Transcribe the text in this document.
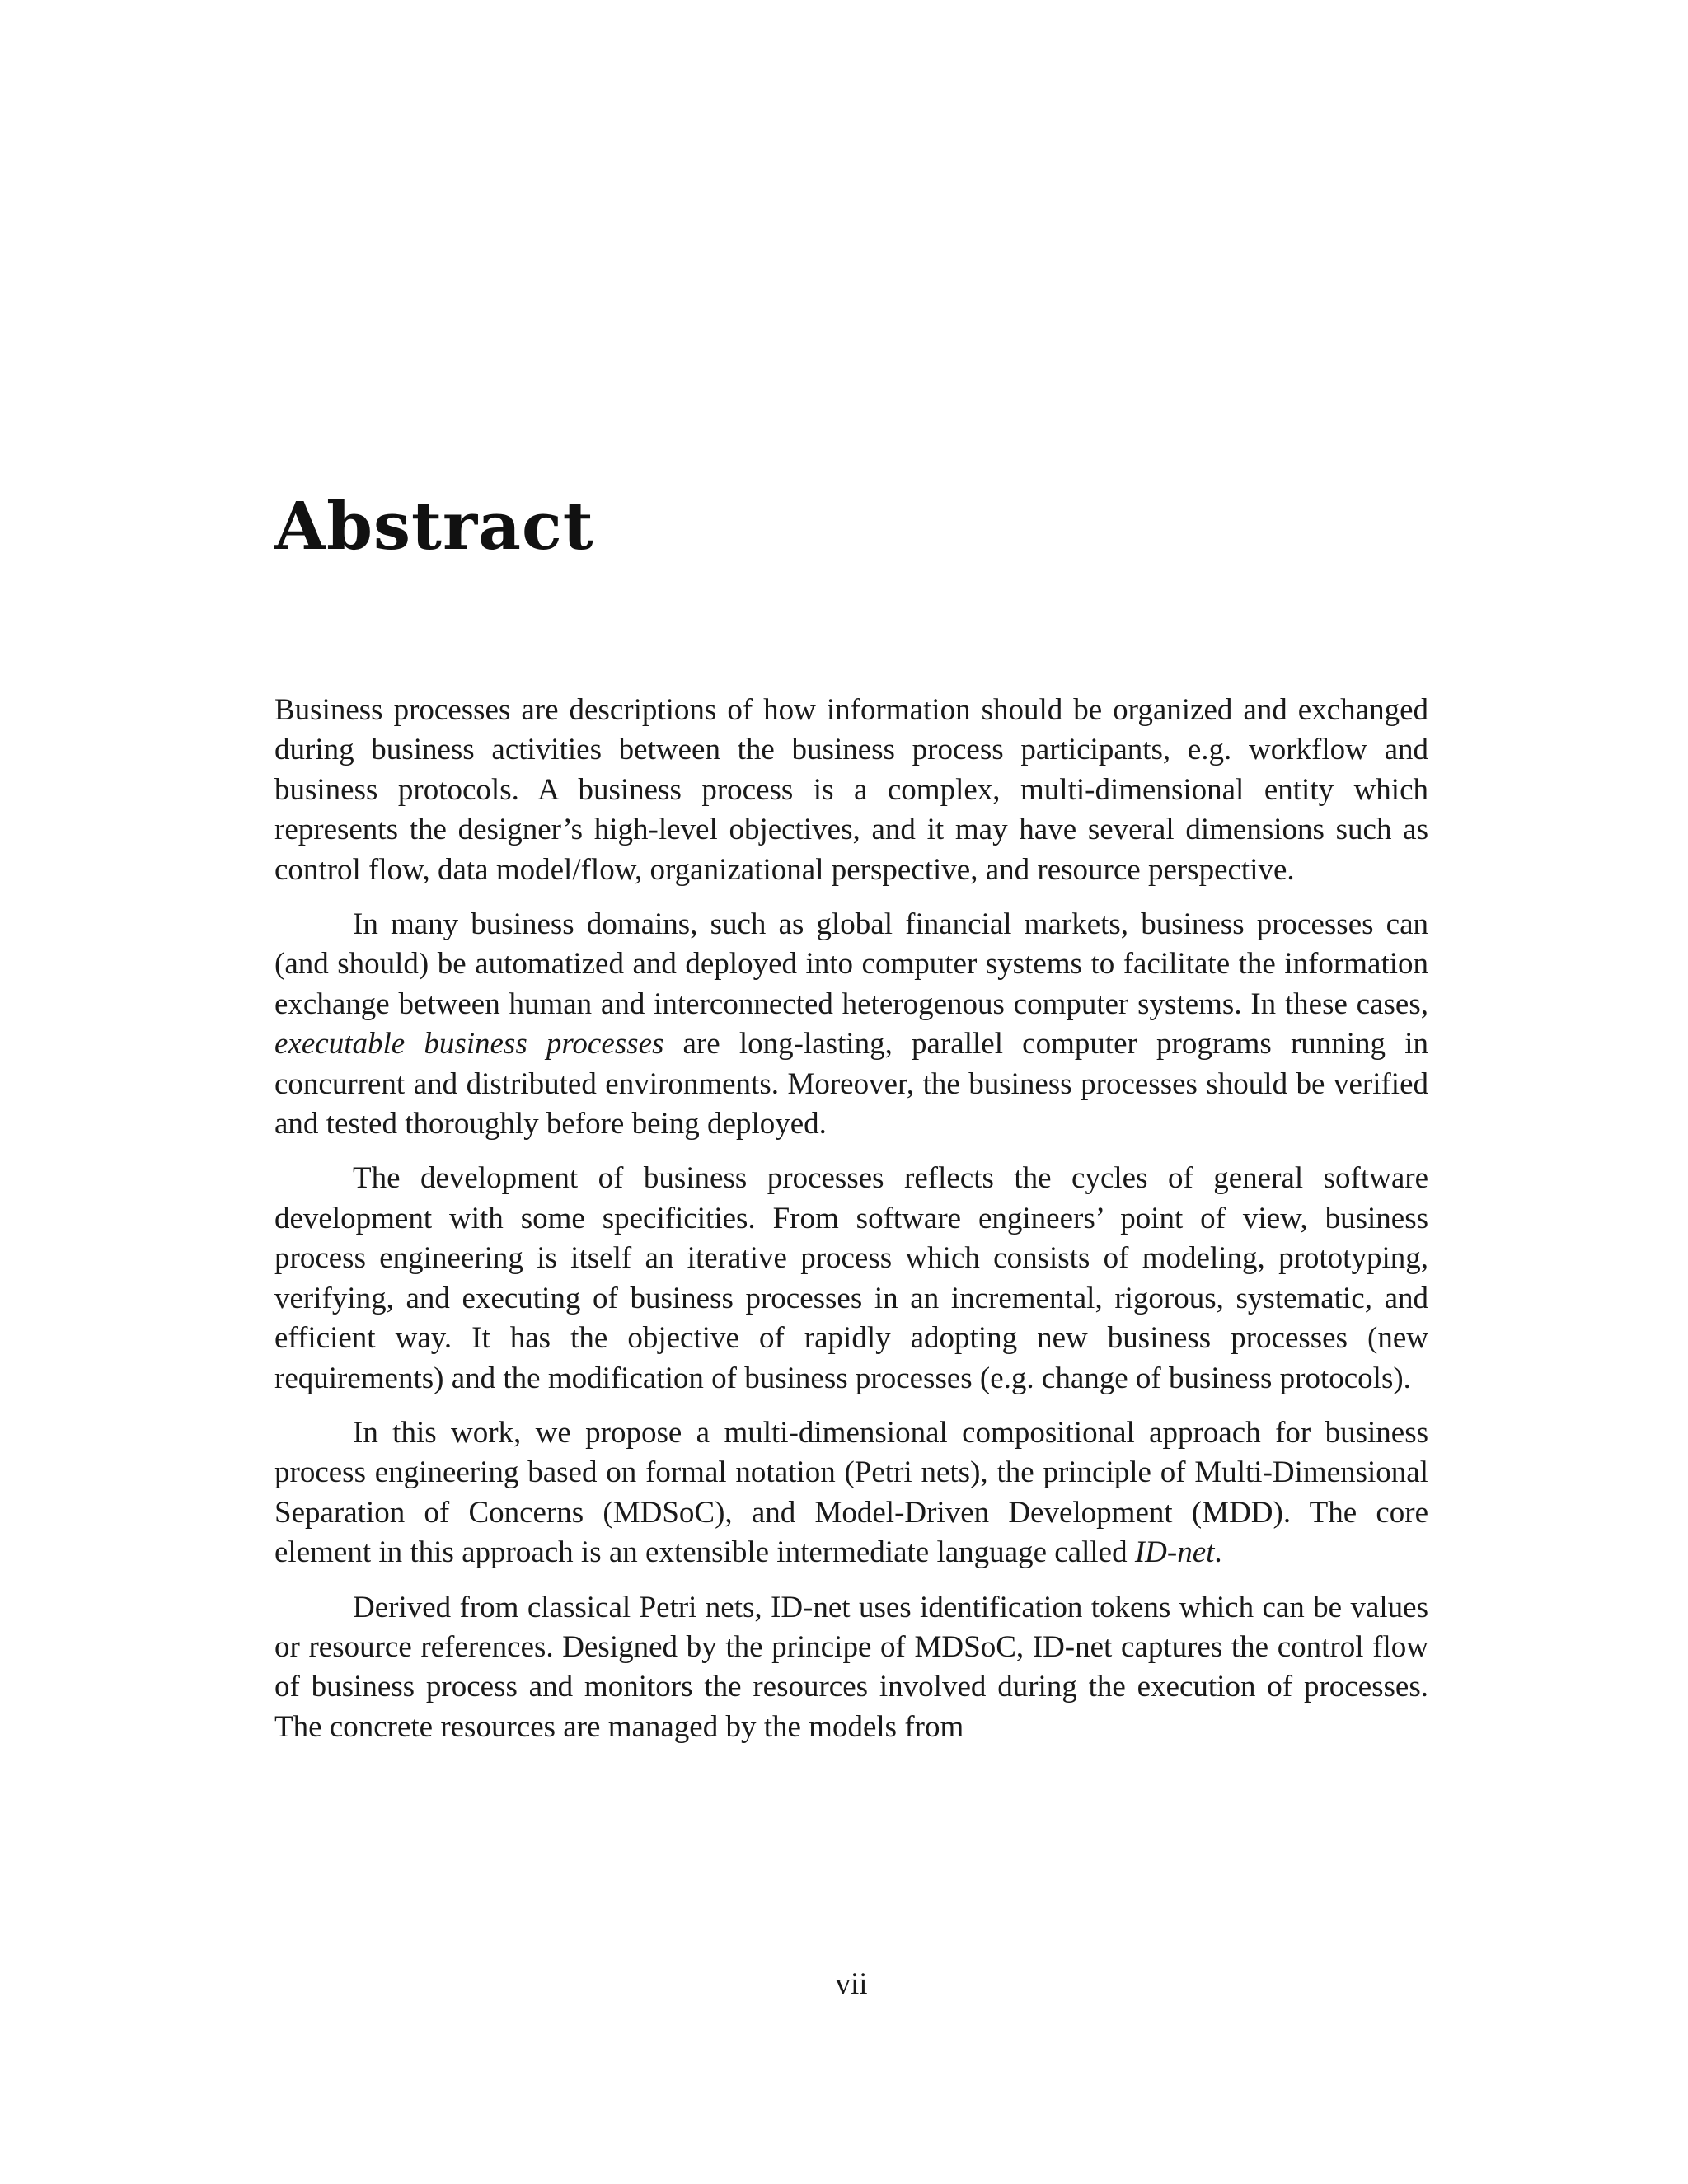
Abstract

Business processes are descriptions of how information should be organized and exchanged during business activities between the business process participants, e.g. workflow and business protocols. A business process is a complex, multi-dimensional entity which represents the designer’s high-level objectives, and it may have several dimensions such as control flow, data model/flow, organizational perspective, and resource perspective.

In many business domains, such as global financial markets, business processes can (and should) be automatized and deployed into computer systems to facilitate the information exchange between human and interconnected heterogenous computer systems. In these cases, executable business processes are long-lasting, parallel computer programs running in concurrent and distributed environments. Moreover, the business processes should be verified and tested thoroughly before being deployed.

The development of business processes reflects the cycles of general software development with some specificities. From software engineers’ point of view, business process engineering is itself an iterative process which consists of modeling, prototyping, verifying, and executing of business processes in an incremental, rigorous, systematic, and efficient way. It has the objective of rapidly adopting new business processes (new requirements) and the modification of business processes (e.g. change of business protocols).

In this work, we propose a multi-dimensional compositional approach for business process engineering based on formal notation (Petri nets), the principle of Multi-Dimensional Separation of Concerns (MDSoC), and Model-Driven Development (MDD). The core element in this approach is an extensible intermediate language called ID-net.

Derived from classical Petri nets, ID-net uses identification tokens which can be values or resource references. Designed by the principe of MDSoC, ID-net captures the control flow of business process and monitors the resources involved during the execution of processes. The concrete resources are managed by the models from

vii
